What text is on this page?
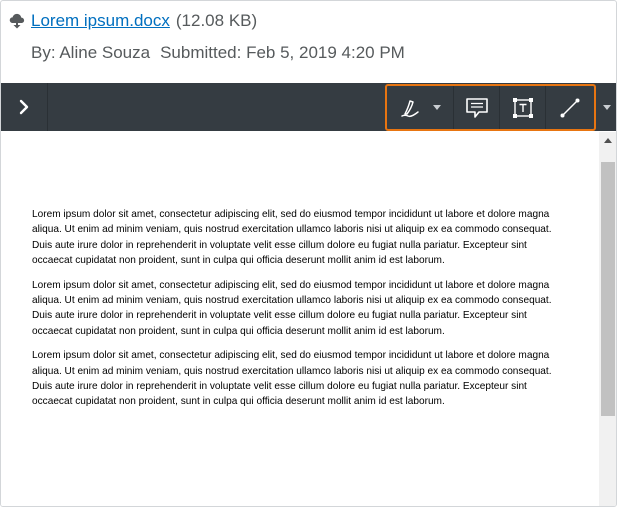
Lorem ipsum.docx (12.08 KB)
By: Aline Souza Submitted: Feb 5, 2019 4:20 PM

Lorem ipsum dolor sit amet, consectetur adipiscing elit, sed do eiusmod tempor incididunt ut labore et dolore magna aliqua. Ut enim ad minim veniam, quis nostrud exercitation ullamco laboris nisi ut aliquip ex ea commodo consequat. Duis aute irure dolor in reprehenderit in voluptate velit esse cillum dolore eu fugiat nulla pariatur. Excepteur sint occaecat cupidatat non proident, sunt in culpa qui officia deserunt mollit anim id est laborum.

Lorem ipsum dolor sit amet, consectetur adipiscing elit, sed do eiusmod tempor incididunt ut labore et dolore magna aliqua. Ut enim ad minim veniam, quis nostrud exercitation ullamco laboris nisi ut aliquip ex ea commodo consequat. Duis aute irure dolor in reprehenderit in voluptate velit esse cillum dolore eu fugiat nulla pariatur. Excepteur sint occaecat cupidatat non proident, sunt in culpa qui officia deserunt mollit anim id est laborum.

Lorem ipsum dolor sit amet, consectetur adipiscing elit, sed do eiusmod tempor incididunt ut labore et dolore magna aliqua. Ut enim ad minim veniam, quis nostrud exercitation ullamco laboris nisi ut aliquip ex ea commodo consequat. Duis aute irure dolor in reprehenderit in voluptate velit esse cillum dolore eu fugiat nulla pariatur. Excepteur sint occaecat cupidatat non proident, sunt in culpa qui officia deserunt mollit anim id est laborum.
